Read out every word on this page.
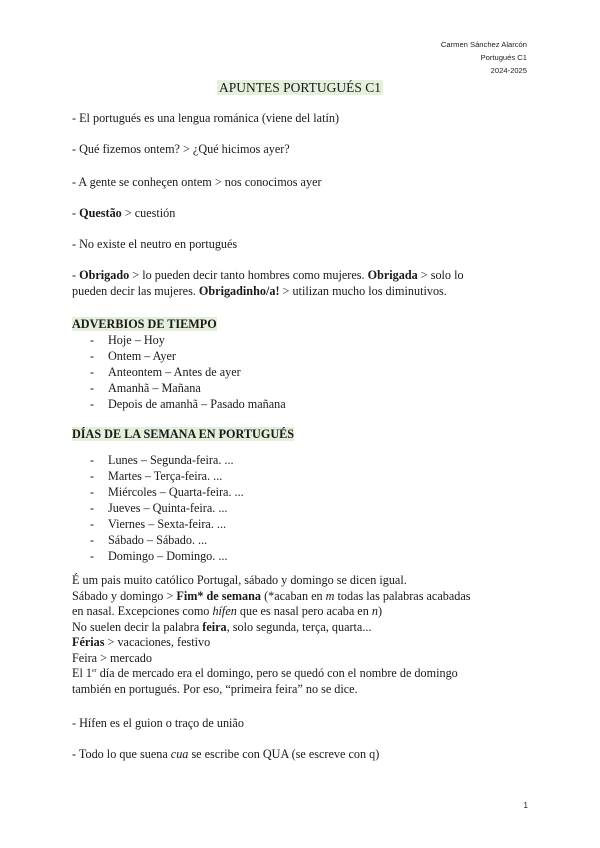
Carmen Sánchez Alarcón
Portugués C1
2024-2025
APUNTES PORTUGUÉS C1
- El portugués es una lengua románica (viene del latín)
- Qué fizemos ontem? > ¿Qué hicimos ayer?
- A gente se conheçen ontem > nos conocimos ayer
- Questão > cuestión
- No existe el neutro en portugués
- Obrigado > lo pueden decir tanto hombres como mujeres. Obrigada > solo lo
pueden decir las mujeres. Obrigadinho/a! > utilizan mucho los diminutivos.
ADVERBIOS DE TIEMPO
- Hoje – Hoy
- Ontem – Ayer
- Anteontem – Antes de ayer
- Amanhã – Mañana
- Depois de amanhã – Pasado mañana
DÍAS DE LA SEMANA EN PORTUGUÉS
- Lunes – Segunda-feira. ...
- Martes – Terça-feira. ...
- Miércoles – Quarta-feira. ...
- Jueves – Quinta-feira. ...
- Viernes – Sexta-feira. ...
- Sábado – Sábado. ...
- Domingo – Domingo. ...
É um pais muito católico Portugal, sábado y domingo se dicen igual.
Sábado y domingo > Fim* de semana (*acaban en m todas las palabras acabadas
en nasal. Excepciones como hífen que es nasal pero acaba en n)
No suelen decir la palabra feira, solo segunda, terça, quarta...
Férias > vacaciones, festivo
Feira > mercado
El 1er día de mercado era el domingo, pero se quedó con el nombre de domingo
también en portugués. Por eso, “primeira feira” no se dice.
- Hífen es el guion o traço de união
- Todo lo que suena cua se escribe con QUA (se escreve con q)
1
